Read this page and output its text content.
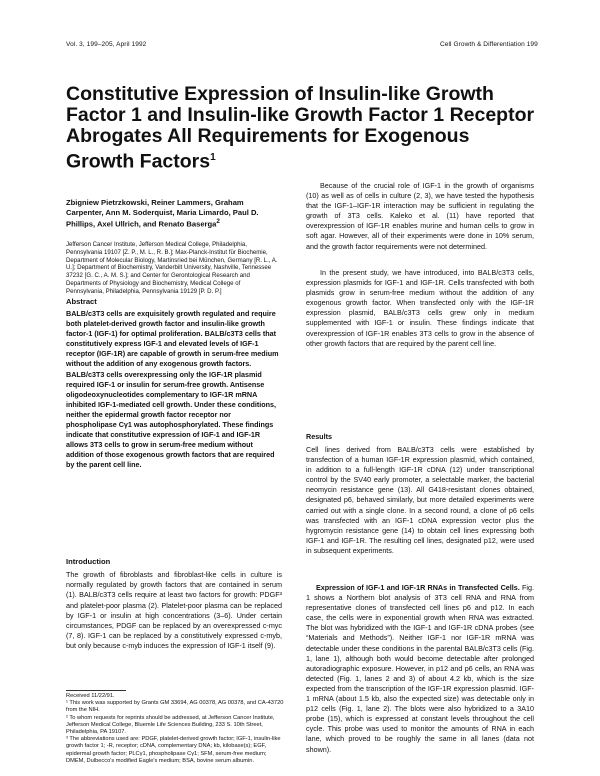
Vol. 3, 199–205, April 1992	Cell Growth & Differentiation 199
Constitutive Expression of Insulin-like Growth Factor 1 and Insulin-like Growth Factor 1 Receptor Abrogates All Requirements for Exogenous Growth Factors$^1$
Zbigniew Pietrzkowski, Reiner Lammers, Graham Carpenter, Ann M. Soderquist, Maria Limardo, Paul D. Phillips, Axel Ullrich, and Renato Baserga$^2$
Jefferson Cancer Institute, Jefferson Medical College, Philadelphia, Pennsylvania 19107 [Z. P., M. L., R. B.]; Max-Planck-Institut für Biochemie, Department of Molecular Biology, Martinsried bei München, Germany [R. L., A. U.]; Department of Biochemistry, Vanderbilt University, Nashville, Tennessee 37232 [G. C., A. M. S.]; and Center for Gerontological Research and Departments of Physiology and Biochemistry, Medical College of Pennsylvania, Philadelphia, Pennsylvania 19129 [P. D. P.]
Abstract
BALB/c3T3 cells are exquisitely growth regulated and require both platelet-derived growth factor and insulin-like growth factor-1 (IGF-1) for optimal proliferation. BALB/c3T3 cells that constitutively express IGF-1 and elevated levels of IGF-1 receptor (IGF-1R) are capable of growth in serum-free medium without the addition of any exogenous growth factors. BALB/c3T3 cells overexpressing only the IGF-1R plasmid required IGF-1 or insulin for serum-free growth. Antisense oligodeoxynucleotides complementary to IGF-1R mRNA inhibited IGF-1-mediated cell growth. Under these conditions, neither the epidermal growth factor receptor nor phospholipase Cγ1 was autophosphorylated. These findings indicate that constitutive expression of IGF-1 and IGF-1R allows 3T3 cells to grow in serum-free medium without addition of those exogenous growth factors that are required by the parent cell line.
Introduction
The growth of fibroblasts and fibroblast-like cells in culture is normally regulated by growth factors that are contained in serum (1). BALB/c3T3 cells require at least two factors for growth: PDGF³ and platelet-poor plasma (2). Platelet-poor plasma can be replaced by IGF-1 or insulin at high concentrations (3–6). Under certain circumstances, PDGF can be replaced by an overexpressed c-myc (7, 8). IGF-1 can be replaced by a constitutively expressed c-myb, but only because c-myb induces the expression of IGF-1 itself (9).
Received 11/22/91.
¹ This work was supported by Grants GM 33694, AG 00378, AG 00378, and CA-43720 from the NIH.
² To whom requests for reprints should be addressed, at Jefferson Cancer Institute, Jefferson Medical College, Bluemle Life Sciences Building, 233 S. 10th Street, Philadelphia, PA 19107.
³ The abbreviations used are: PDGF, platelet-derived growth factor; IGF-1, insulin-like growth factor 1; -R, receptor; cDNA, complementary DNA; kb, kilobase(s); EGF, epidermal growth factor; PLCγ1, phospholipase Cγ1; SFM, serum-free medium; DMEM, Dulbecco's modified Eagle's medium; BSA, bovine serum albumin.
Because of the crucial role of IGF-1 in the growth of organisms (10) as well as of cells in culture (2, 3), we have tested the hypothesis that the IGF-1–IGF-1R interaction may be sufficient in regulating the growth of 3T3 cells. Kaleko et al. (11) have reported that overexpression of IGF-1R enables murine and human cells to grow in soft agar. However, all of their experiments were done in 10% serum, and the growth factor requirements were not determined.
In the present study, we have introduced, into BALB/c3T3 cells, expression plasmids for IGF-1 and IGF-1R. Cells transfected with both plasmids grow in serum-free medium without the addition of any exogenous growth factor. When transfected only with the IGF-1R expression plasmid, BALB/c3T3 cells grew only in medium supplemented with IGF-1 or insulin. These findings indicate that overexpression of IGF-1R enables 3T3 cells to grow in the absence of other growth factors that are required by the parent cell line.
Results
Cell lines derived from BALB/c3T3 cells were established by transfection of a human IGF-1R expression plasmid, which contained, in addition to a full-length IGF-1R cDNA (12) under transcriptional control by the SV40 early promoter, a selectable marker, the bacterial neomycin resistance gene (13). All G418-resistant clones obtained, designated p6, behaved similarly, but more detailed experiments were carried out with a single clone. In a second round, a clone of p6 cells was transfected with an IGF-1 cDNA expression vector plus the hygromycin resistance gene (14) to obtain cell lines expressing both IGF-1 and IGF-1R. The resulting cell lines, designated p12, were used in subsequent experiments.
Expression of IGF-1 and IGF-1R RNAs in Transfected Cells. Fig. 1 shows a Northern blot analysis of 3T3 cell RNA and RNA from representative clones of transfected cell lines p6 and p12. In each case, the cells were in exponential growth when RNA was extracted. The blot was hybridized with the IGF-1 and IGF-1R cDNA probes (see “Materials and Methods”). Neither IGF-1 nor IGF-1R mRNA was detectable under these conditions in the parental BALB/c3T3 cells (Fig. 1, lane 1), although both would become detectable after prolonged autoradiographic exposure. However, in p12 and p6 cells, an RNA was detected (Fig. 1, lanes 2 and 3) of about 4.2 kb, which is the size expected from the transcription of the IGF-1R expression plasmid. IGF-1 mRNA (about 1.5 kb, also the expected size) was detectable only in p12 cells (Fig. 1, lane 2). The blots were also hybridized to a 3A10 probe (15), which is expressed at constant levels throughout the cell cycle. This probe was used to monitor the amounts of RNA in each lane, which proved to be roughly the same in all lanes (data not shown).
